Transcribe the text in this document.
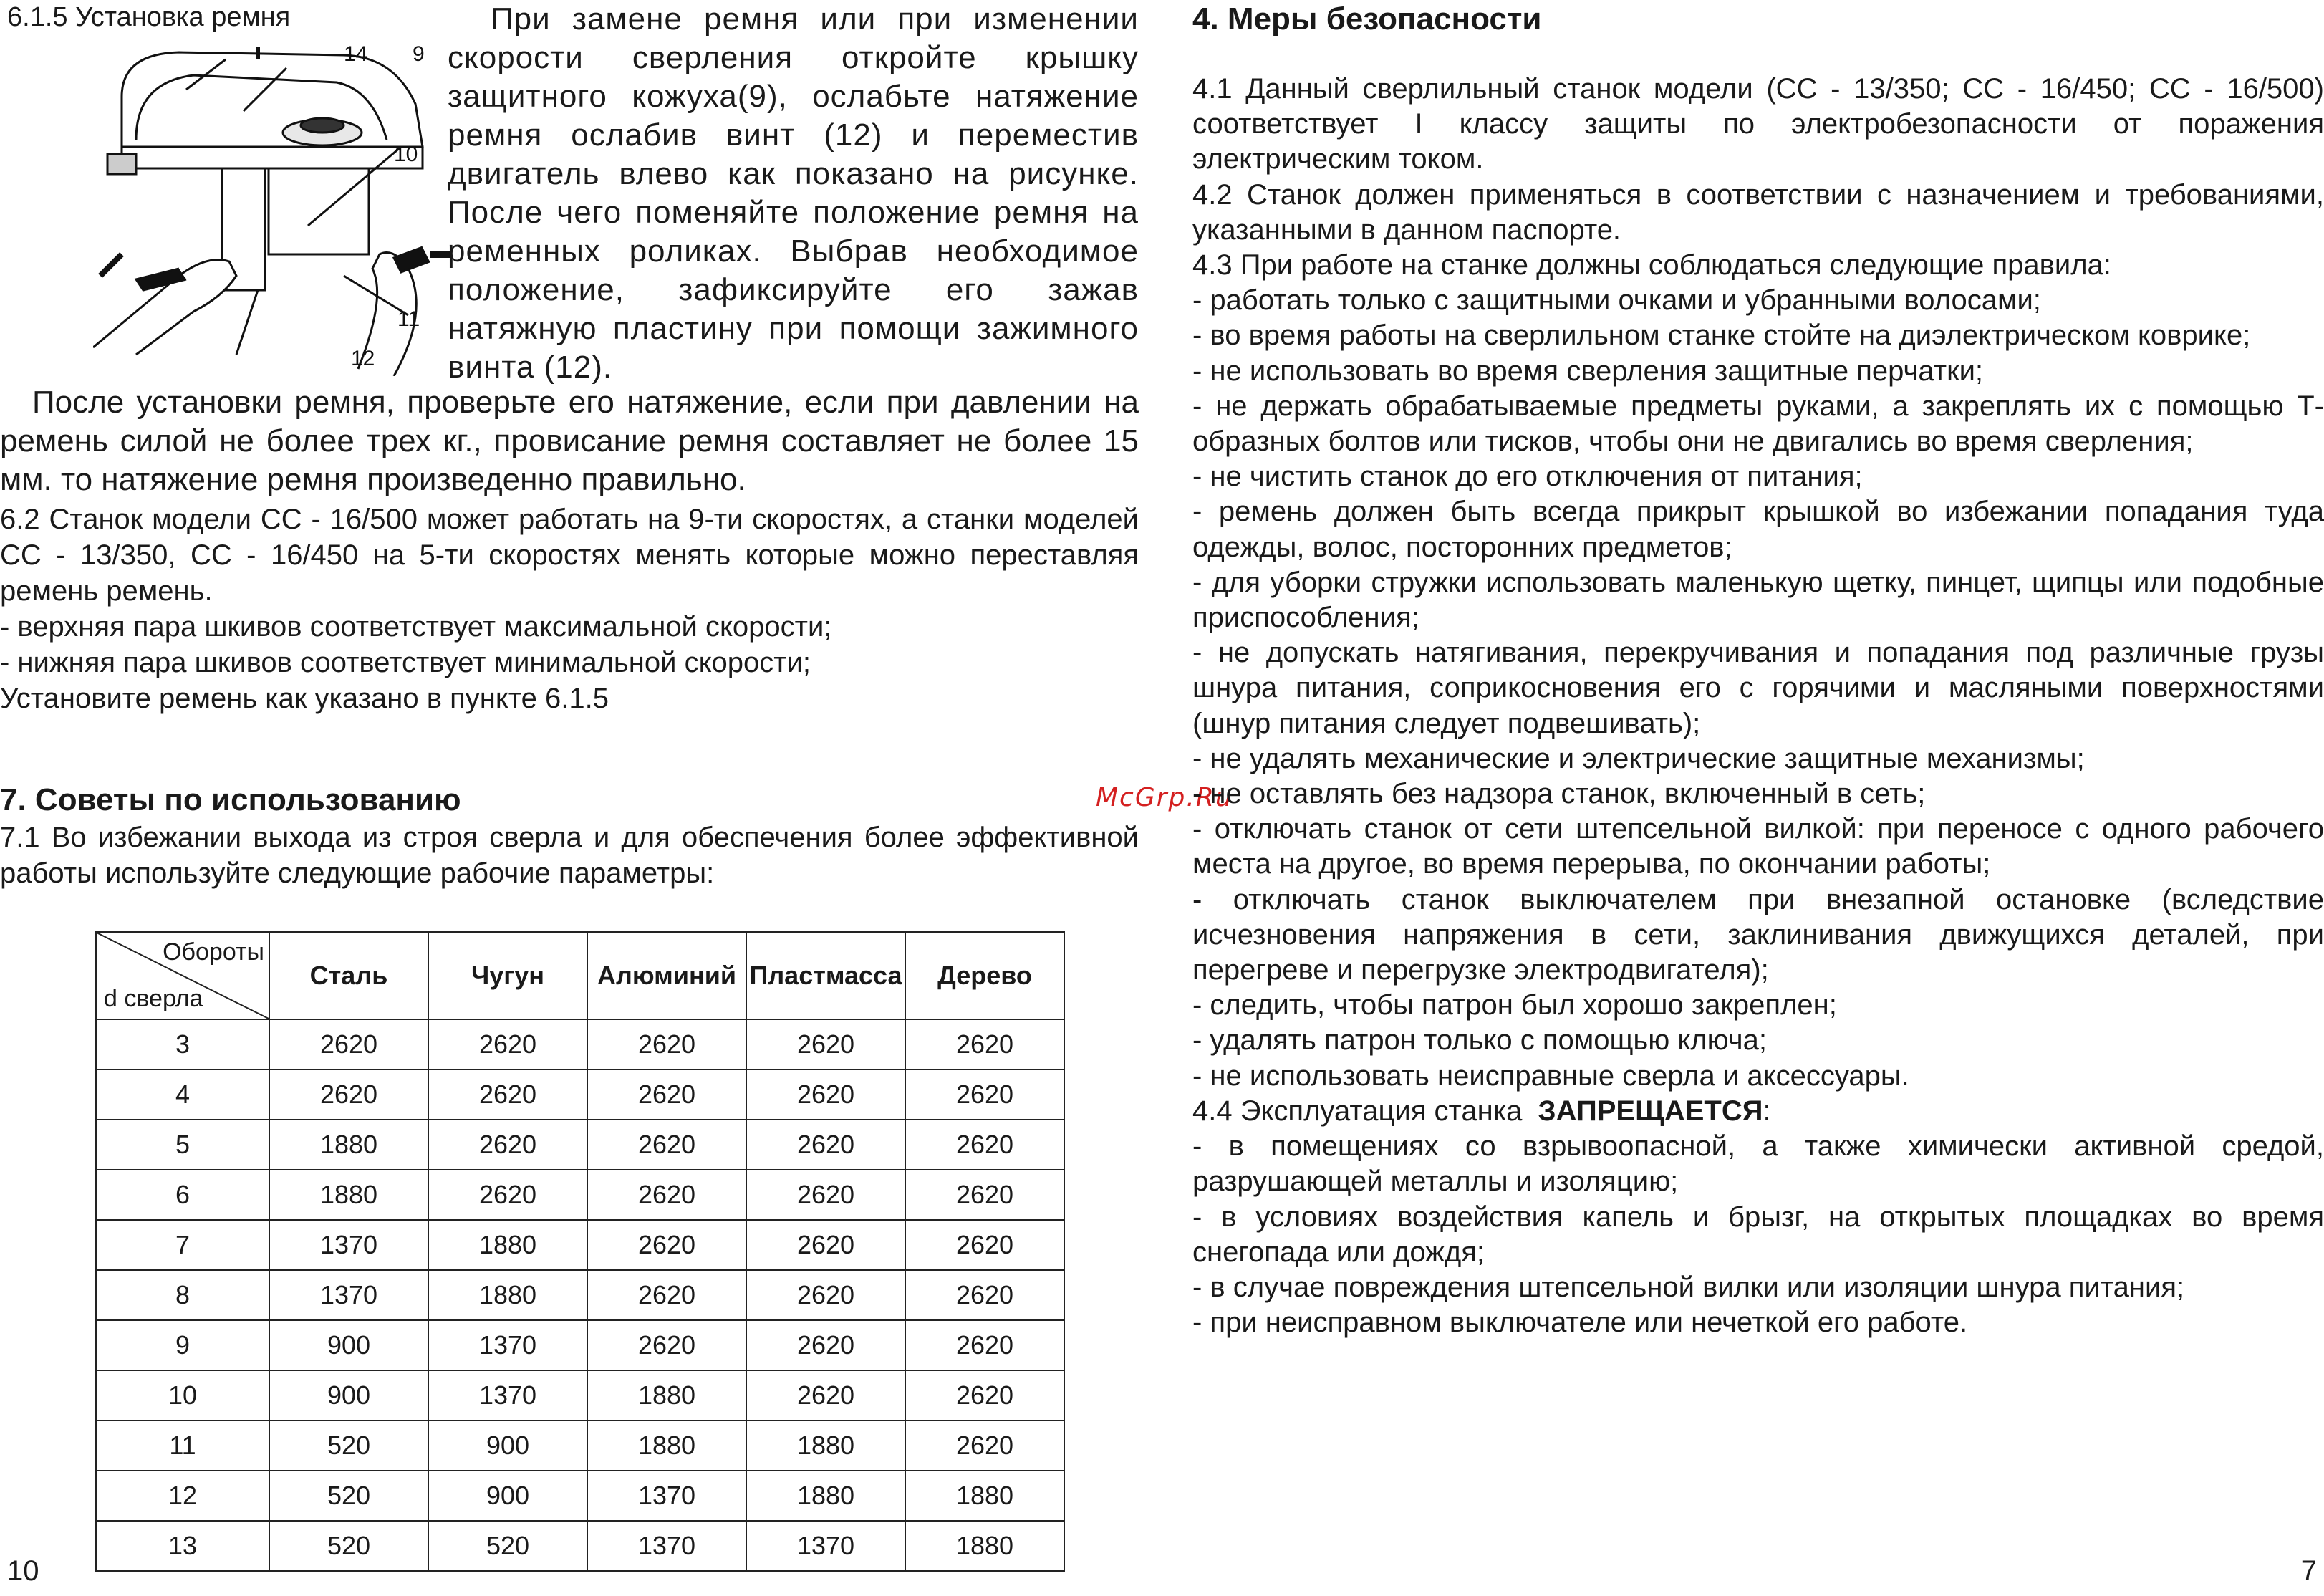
6.1.5 Установка ремня

14 9
10
11
12

При замене ремня или при изменении скорости сверления откройте крышку защитного кожуха(9), ослабьте натяжение ремня ослабив винт (12) и переместив двигатель влево как показано на рисунке. После чего поменяйте положение ремня на ременных роликах. Выбрав необходимое положение, зафиксируйте его зажав натяжную пластину при помощи зажимного винта (12).

После установки ремня, проверьте его натяжение, если при давлении на ремень силой не более трех кг., провисание ремня составляет не более 15 мм. то натяжение ремня произведенно правильно.

6.2 Станок модели СС - 16/500 может работать на 9-ти скоростях, а станки моделей СС - 13/350, СС - 16/450 на 5-ти скоростях менять которые можно переставляя ремень ремень.

- верхняя пара шкивов соответствует максимальной скорости;

- нижняя пара шкивов соответствует минимальной скорости;

Установите ремень как указано в пункте 6.1.5

7. Советы по использованию

7.1 Во избежании выхода из строя сверла и для обеспечения более эффективной работы используйте следующие рабочие параметры:

Обороты
d сверла	Сталь	Чугун	Алюминий	Пластмасса	Дерево
3	2620	2620	2620	2620	2620
4	2620	2620	2620	2620	2620
5	1880	2620	2620	2620	2620
6	1880	2620	2620	2620	2620
7	1370	1880	2620	2620	2620
8	1370	1880	2620	2620	2620
9	900	1370	2620	2620	2620
10	900	1370	1880	2620	2620
11	520	900	1880	1880	2620
12	520	900	1370	1880	1880
13	520	520	1370	1370	1880
10
McGrp.Ru

4. Меры безопасности

4.1 Данный сверлильный станок модели (СС - 13/350; СС - 16/450; СС - 16/500) соответствует I классу защиты по электробезопасности от поражения электрическим током.

4.2 Станок должен применяться в соответствии с назначением и требованиями, указанными в данном паспорте.

4.3 При работе на станке должны соблюдаться следующие правила:

- работать только с защитными очками и убранными волосами;

- во время работы на сверлильном станке стойте на диэлектрическом коврике;

- не использовать во время сверления защитные перчатки;

- не держать обрабатываемые предметы руками, а закреплять их с помощью Т-образных болтов или тисков, чтобы они не двигались во время сверления;

- не чистить станок до его отключения от питания;

- ремень должен быть всегда прикрыт крышкой во избежании попадания туда одежды, волос, посторонних предметов;

- для уборки стружки использовать маленькую щетку, пинцет, щипцы или подобные приспособления;

- не допускать натягивания, перекручивания и попадания под различные грузы шнура питания, соприкосновения его с горячими и масляными поверхностями (шнур питания следует подвешивать);

- не удалять механические и электрические защитные механизмы;

- не оставлять без надзора станок, включенный в сеть;

- отключать станок от сети штепсельной вилкой: при переносе с одного рабочего места на другое, во время перерыва, по окончании работы;

- отключать станок выключателем при внезапной остановке (вследствие исчезновения напряжения в сети, заклинивания движущихся деталей, при перегреве и перегрузке электродвигателя);

- следить, чтобы патрон был хорошо закреплен;

- удалять патрон только с помощью ключа;

- не использовать неисправные сверла и аксессуары.

4.4 Эксплуатация станка ЗАПРЕЩАЕТСЯ:

- в помещениях со взрывоопасной, а также химически активной средой, разрушающей металлы и изоляцию;

- в условиях воздействия капель и брызг, на открытых площадках во время снегопада или дождя;

- в случае повреждения штепсельной вилки или изоляции шнура питания;

- при неисправном выключателе или нечеткой его работе.

7
